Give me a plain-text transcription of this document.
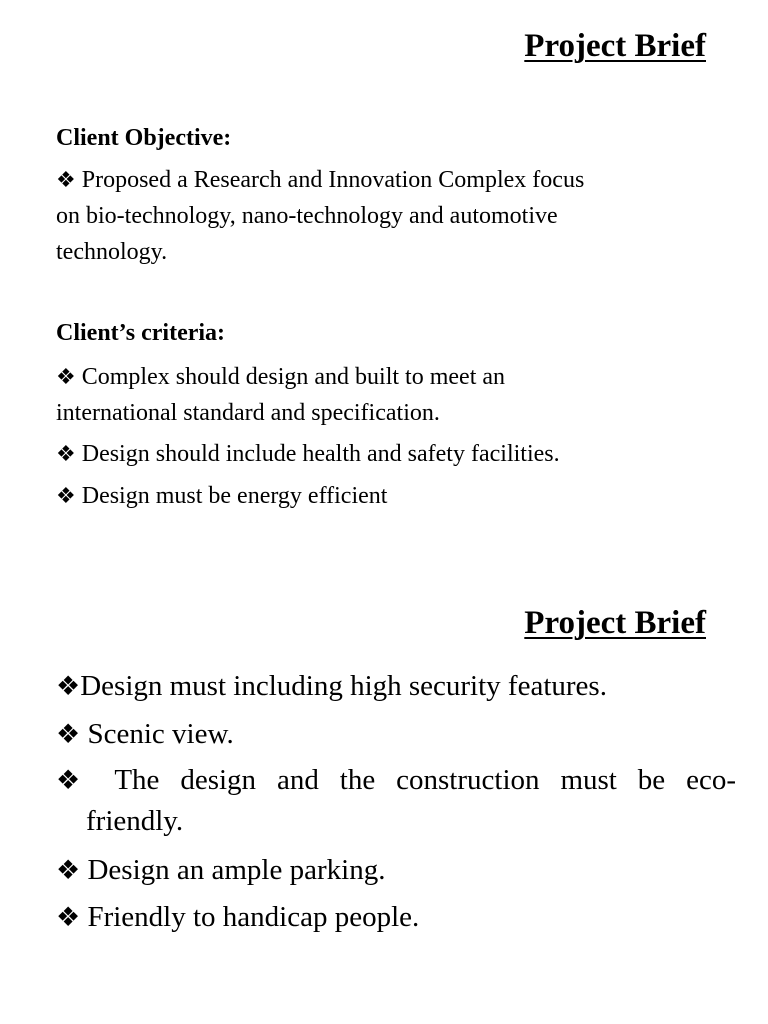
Project Brief
Client Objective:
❖ Proposed a Research and Innovation Complex focus
on bio-technology, nano-technology and automotive
technology.
Client’s criteria:
❖ Complex should design and built to meet an
international standard and specification.
❖ Design should include health and safety facilities.
❖ Design must be energy efficient
Project Brief
❖Design must including high security features.
❖ Scenic view.
❖ The design and the construction must be eco-
friendly.
❖ Design an ample parking.
❖ Friendly to handicap people.
